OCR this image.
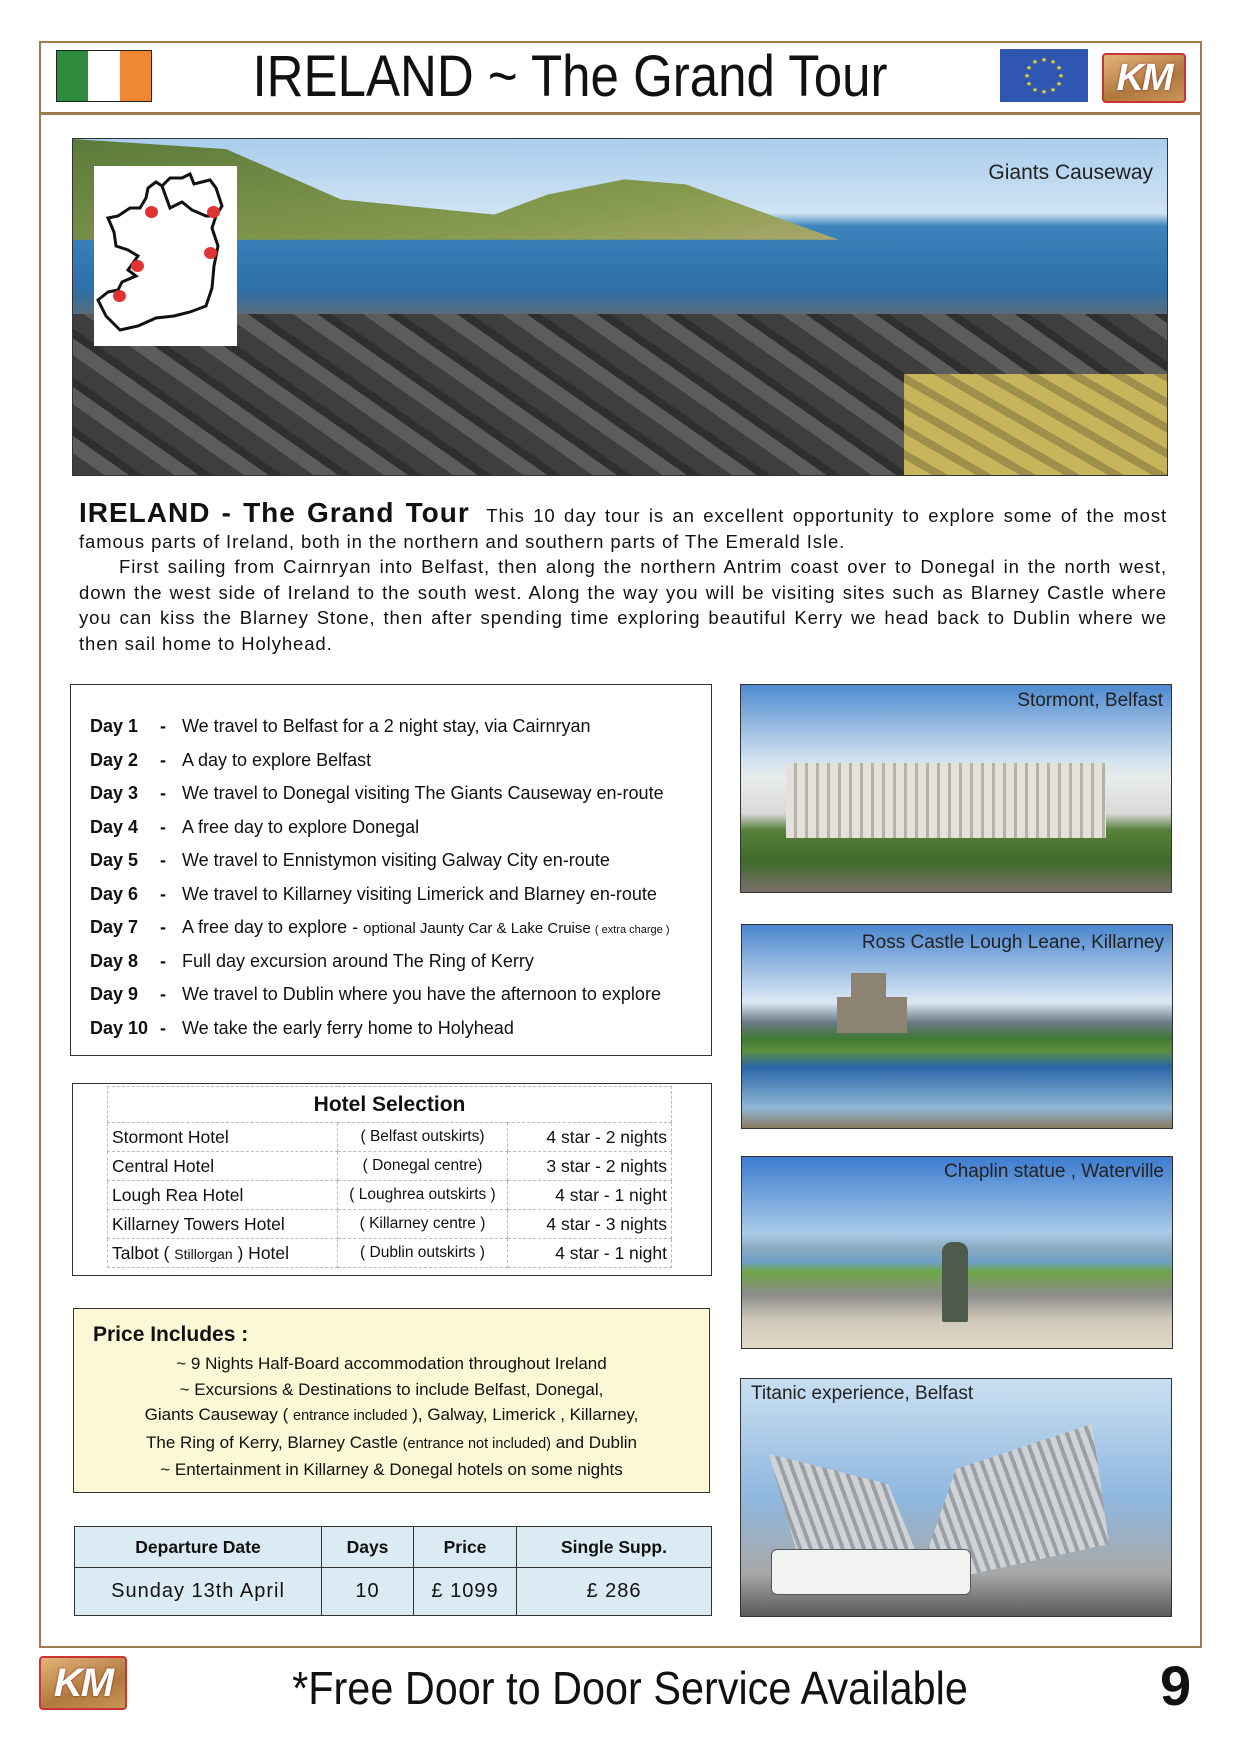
IRELAND ~ The Grand Tour	★ ★
★
★
★
★
★
★
★
★
★
★	KM
Giants Causeway

IRELAND - The Grand Tour This 10 day tour is an excellent opportunity to explore some of the most famous parts of Ireland, both in the northern and southern parts of The Emerald Isle.

First sailing from Cairnryan into Belfast, then along the northern Antrim coast over to Donegal in the north west, down the west side of Ireland to the south west. Along the way you will be visiting sites such as Blarney Castle where you can kiss the Blarney Stone, then after spending time exploring beautiful Kerry we head back to Dublin where we then sail home to Holyhead.

Day 1	- We travel to Belfast for a 2 night stay, via Cairnryan
Day 2	- A day to explore Belfast
Day 3	- We travel to Donegal visiting The Giants Causeway en-route
Day 4	- A free day to explore Donegal
Day 5	- We travel to Ennistymon visiting Galway City en-route
Day 6	- We travel to Killarney visiting Limerick and Blarney en-route
Day 7	- A free day to explore - optional Jaunty Car & Lake Cruise ( extra charge )
Day 8	- Full day excursion around The Ring of Kerry
Day 9	- We travel to Dublin where you have the afternoon to explore
Day 10 - We take the early ferry home to Holyhead
Hotel Selection		
Stormont Hotel	( Belfast outskirts)	4 star - 2 nights
Central Hotel	( Donegal centre)	3 star - 2 nights
Lough Rea Hotel	( Loughrea outskirts )	4 star - 1 night
Killarney Towers Hotel	( Killarney centre )	4 star - 3 nights
Talbot ( Stillorgan ) Hotel	( Dublin outskirts )	4 star - 1 night
Price Includes :
~ 9 Nights Half-Board accommodation throughout Ireland
~ Excursions & Destinations to include Belfast, Donegal,
Giants Causeway ( entrance included ), Galway, Limerick , Killarney,
The Ring of Kerry, Blarney Castle (entrance not included) and Dublin
~ Entertainment in Killarney & Donegal hotels on some nights
Departure Date	Days	Price	Single Supp.
Sunday 13th April	10	£ 1099	£ 286
Stormont, Belfast
Ross Castle Lough Leane, Killarney
Chaplin statue , Waterville
Titanic experience, Belfast
KM	*Free Door to Door Service Available	9
